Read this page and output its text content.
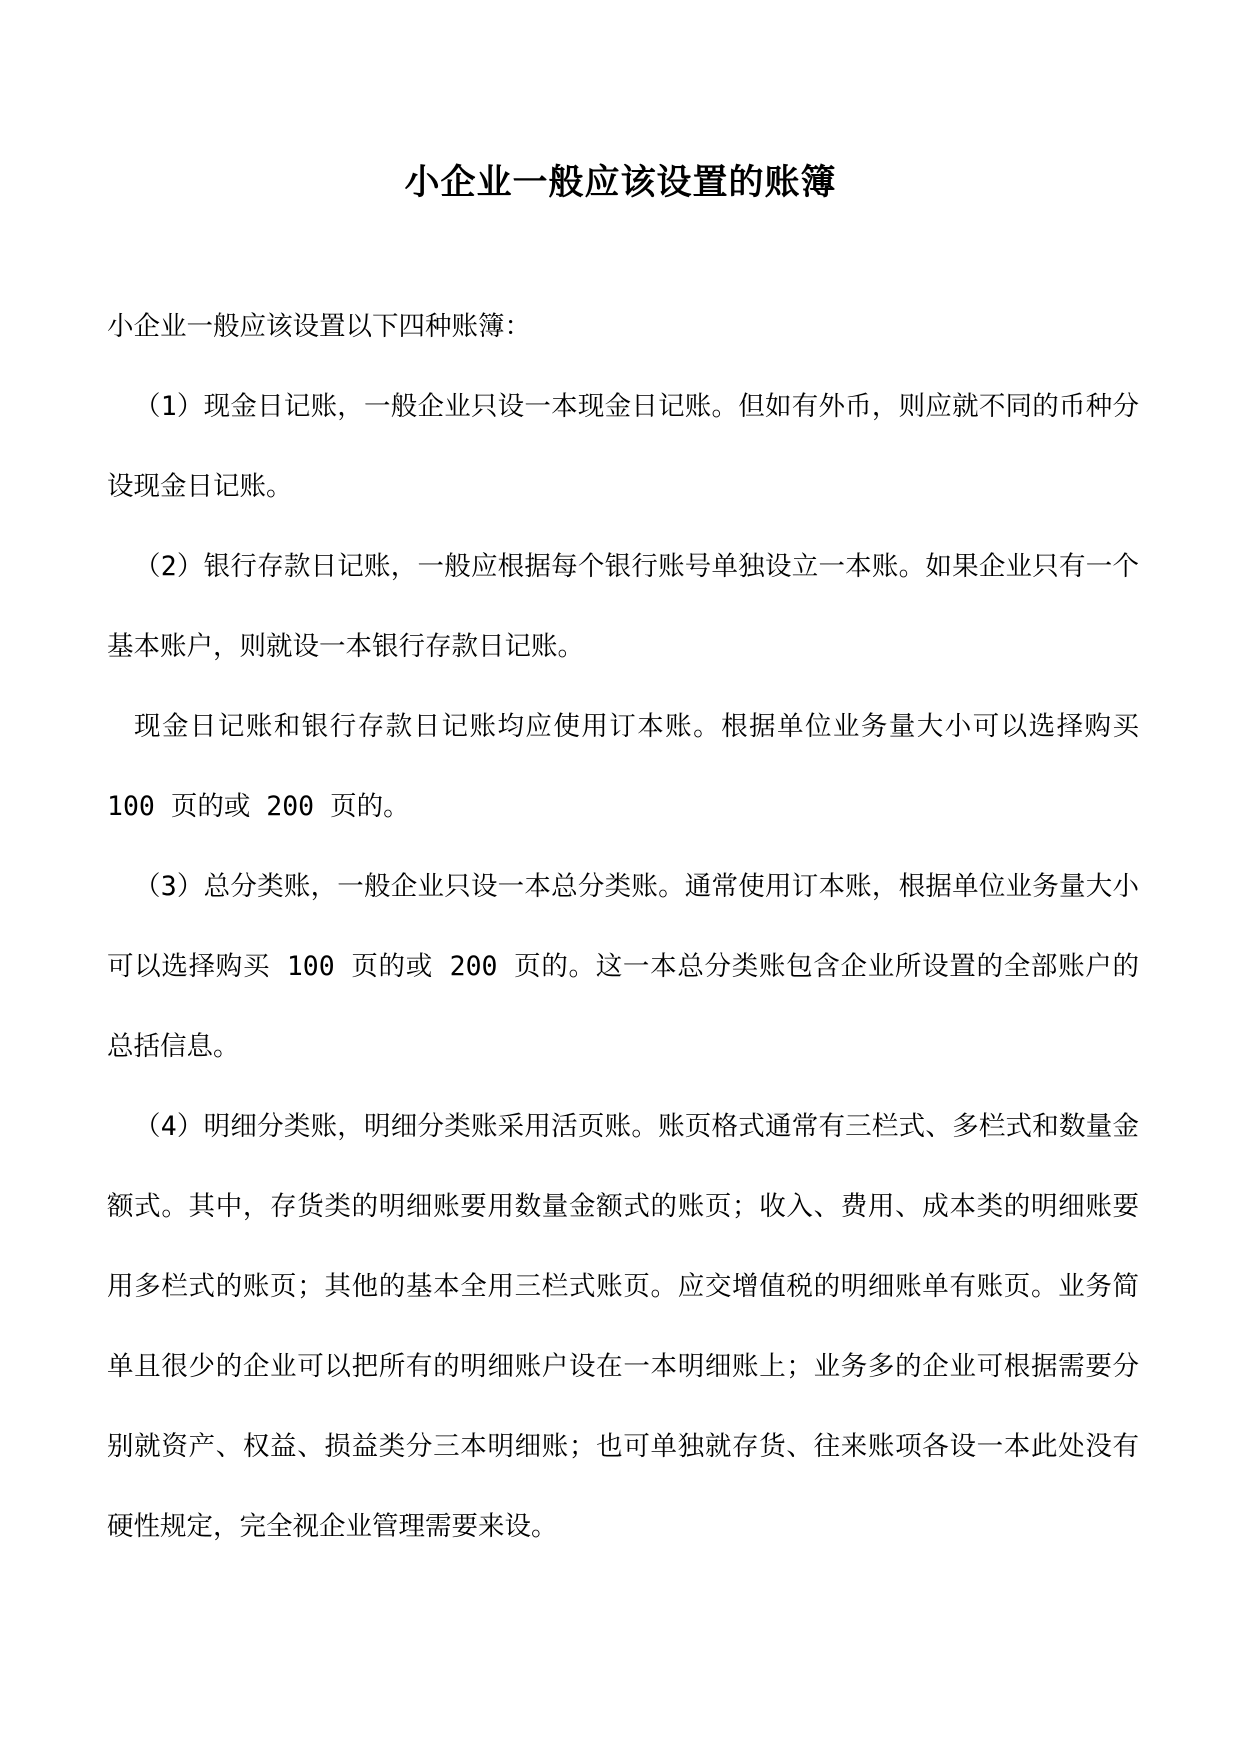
小企业一般应该设置的账簿

小企业一般应该设置以下四种账簿：

（1）现金日记账，一般企业只设一本现金日记账。但如有外币，则应就不同的币种分设现金日记账。

（2）银行存款日记账，一般应根据每个银行账号单独设立一本账。如果企业只有一个基本账户，则就设一本银行存款日记账。

现金日记账和银行存款日记账均应使用订本账。根据单位业务量大小可以选择购买 100 页的或 200 页的。

（3）总分类账，一般企业只设一本总分类账。通常使用订本账，根据单位业务量大小可以选择购买 100 页的或 200 页的。这一本总分类账包含企业所设置的全部账户的总括信息。

（4）明细分类账，明细分类账采用活页账。账页格式通常有三栏式、多栏式和数量金额式。其中，存货类的明细账要用数量金额式的账页；收入、费用、成本类的明细账要用多栏式的账页；其他的基本全用三栏式账页。应交增值税的明细账单有账页。业务简单且很少的企业可以把所有的明细账户设在一本明细账上；业务多的企业可根据需要分别就资产、权益、损益类分三本明细账；也可单独就存货、往来账项各设一本此处没有硬性规定，完全视企业管理需要来设。
